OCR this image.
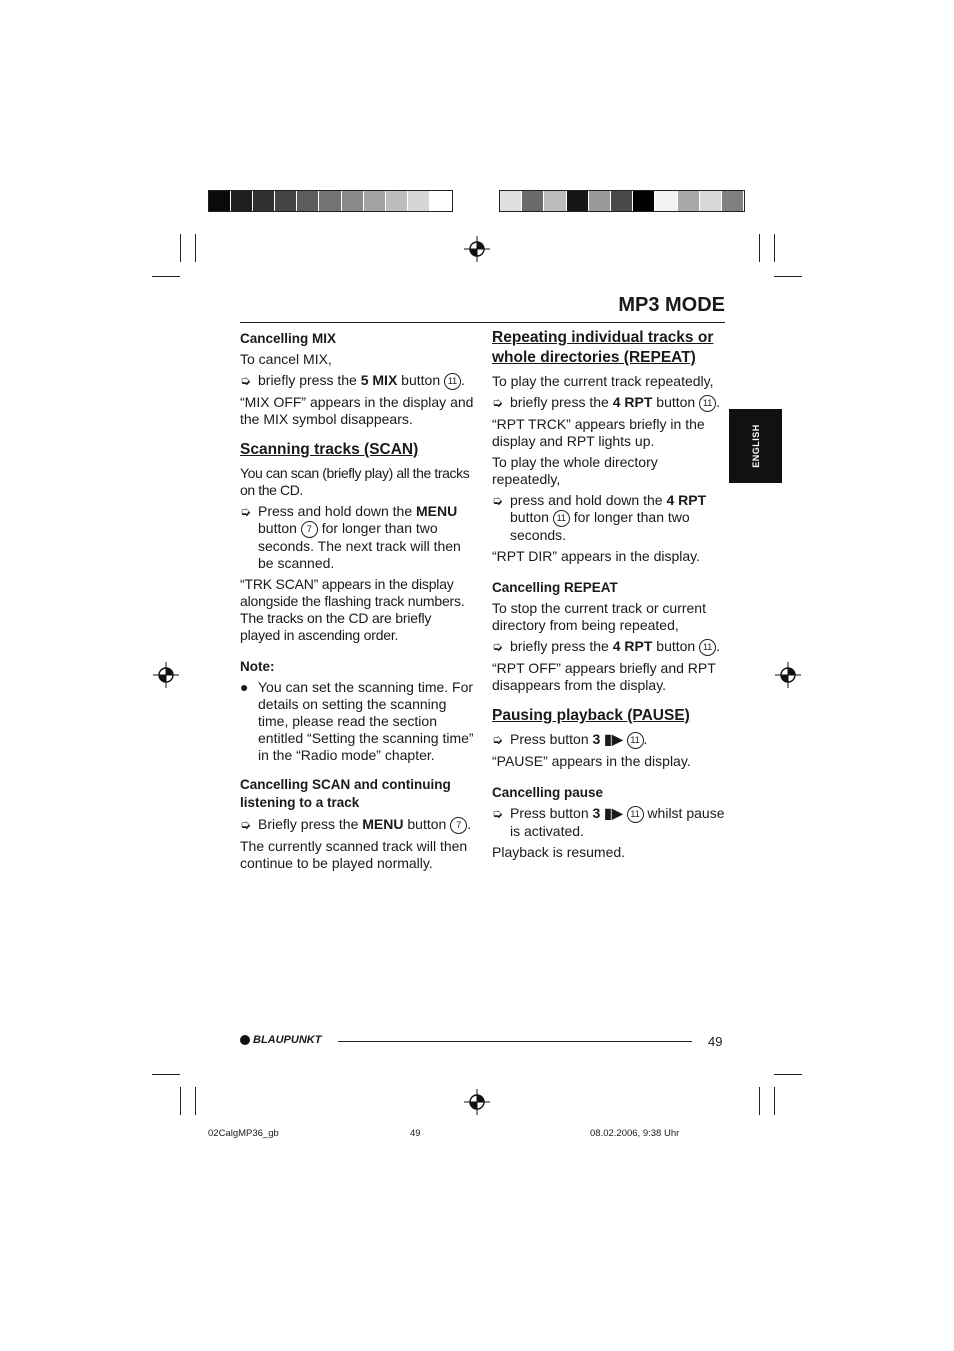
MP3 MODE
ENGLISH
Cancelling MIX

To cancel MIX,

➭ briefly press the 5 MIX button 11 .

“MIX OFF” appears in the display and the MIX symbol disappears.

Scanning tracks (SCAN)

You can scan (briefly play) all the tracks on the CD.

➭ Press and hold down the MENU button 7 for longer than two seconds. The next track will then be scanned.

“TRK SCAN” appears in the display alongside the flashing track numbers. The tracks on the CD are briefly played in ascending order.

Note:
● You can set the scanning time. For details on setting the scanning time, please read the section entitled “Setting the scanning time” in the “Radio mode” chapter.
Cancelling SCAN and continuing listening to a track
➭ Briefly press the MENU button 7 .

The currently scanned track will then continue to be played normally.

Repeating individual tracks or whole directories (REPEAT)

To play the current track repeatedly,

➭ briefly press the 4 RPT button 11 .

“RPT TRCK” appears briefly in the display and RPT lights up.

To play the whole directory repeatedly,

➭ press and hold down the 4 RPT button 11 for longer than two seconds.

“RPT DIR” appears in the display.

Cancelling REPEAT

To stop the current track or current directory from being repeated,

➭ briefly press the 4 RPT button 11 .

“RPT OFF” appears briefly and RPT disappears from the display.

Pausing playback (PAUSE)
➭ Press button 3 ▮▶ 11 .

“PAUSE” appears in the display.

Cancelling pause
➭ Press button 3 ▮▶ 11 whilst pause is activated.

Playback is resumed.

BLAUPUNKT	49
02CalgMP36_gb	49	08.02.2006, 9:38 Uhr
